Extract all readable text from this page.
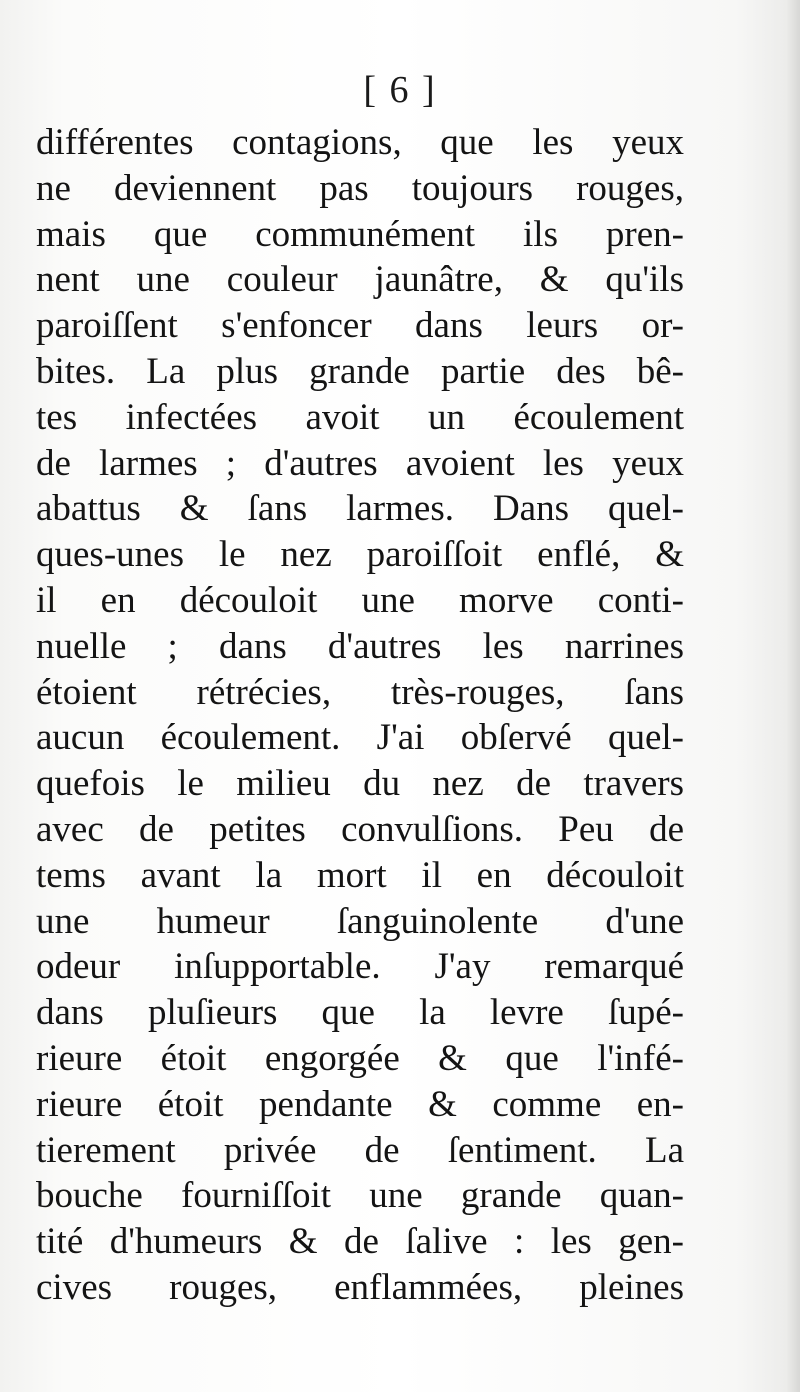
[ 6 ]
différentes contagions, que les yeux
ne deviennent pas toujours rouges,
mais que communément ils pren-
nent une couleur jaunâtre, & qu'ils
paroiſſent s'enfoncer dans leurs or-
bites. La plus grande partie des bê-
tes infectées avoit un écoulement
de larmes ; d'autres avoient les yeux
abattus & ſans larmes. Dans quel-
ques-unes le nez paroiſſoit enflé, &
il en découloit une morve conti-
nuelle ; dans d'autres les narrines
étoient rétrécies, très-rouges, ſans
aucun écoulement. J'ai obſervé quel-
quefois le milieu du nez de travers
avec de petites convulſions. Peu de
tems avant la mort il en découloit
une humeur ſanguinolente d'une
odeur inſupportable. J'ay remarqué
dans pluſieurs que la levre ſupé-
rieure étoit engorgée & que l'infé-
rieure étoit pendante & comme en-
tierement privée de ſentiment. La
bouche fourniſſoit une grande quan-
tité d'humeurs & de ſalive : les gen-
cives rouges, enflammées, pleines
